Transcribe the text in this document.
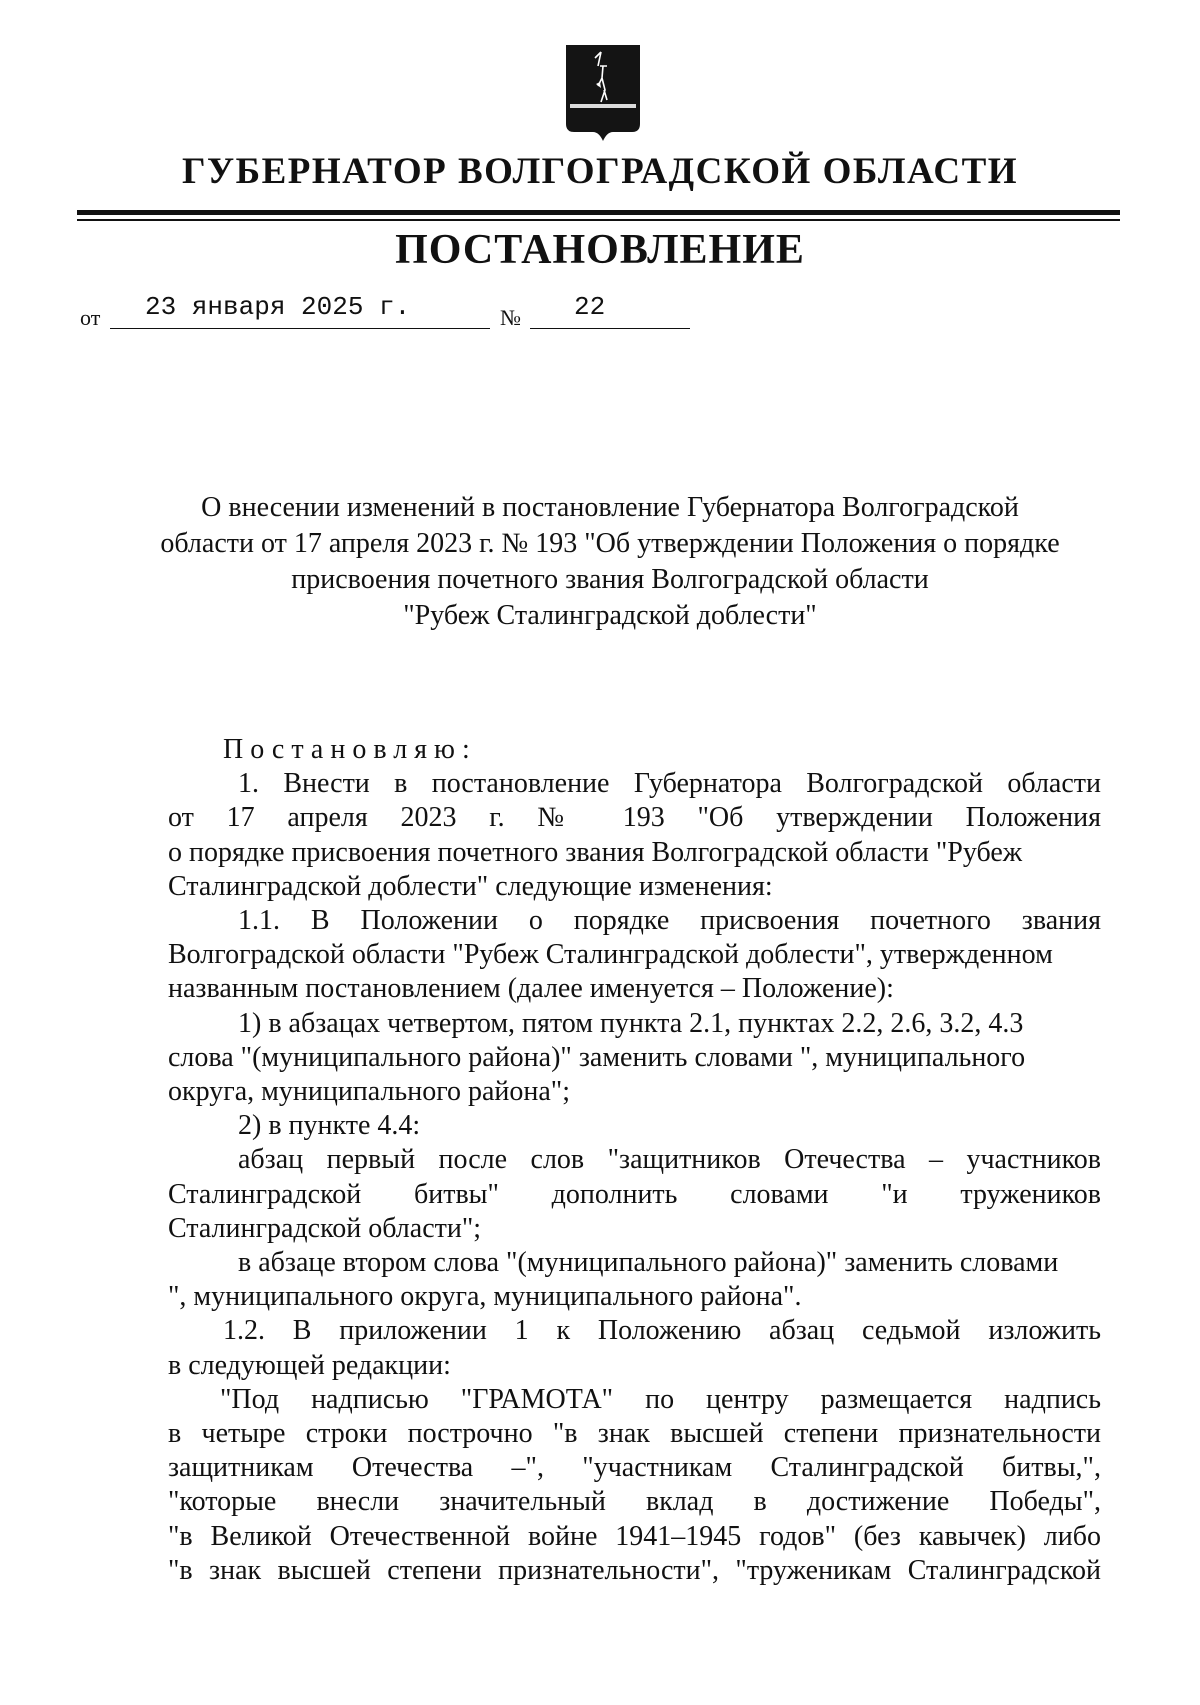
ГУБЕРНАТОР ВОЛГОГРАДСКОЙ ОБЛАСТИ
ПОСТАНОВЛЕНИЕ
от 23 января 2025 г.	№ 22
О внесении изменений в постановление Губернатора Волгоградской
области от 17 апреля 2023 г. № 193 "Об утверждении Положения о порядке
присвоения почетного звания Волгоградской области
"Рубеж Сталинградской доблести"
Постановляю:
1. Внести в постановление Губернатора Волгоградской области
от 17 апреля 2023 г. № 193 "Об утверждении Положения
о порядке присвоения почетного звания Волгоградской области "Рубеж
Сталинградской доблести" следующие изменения:
1.1. В Положении о порядке присвоения почетного звания
Волгоградской области "Рубеж Сталинградской доблести", утвержденном
названным постановлением (далее именуется – Положение):
1) в абзацах четвертом, пятом пункта 2.1, пунктах 2.2, 2.6, 3.2, 4.3
слова "(муниципального района)" заменить словами ", муниципального
округа, муниципального района";
2) в пункте 4.4:
абзац первый после слов "защитников Отечества – участников
Сталинградской битвы" дополнить словами "и тружеников
Сталинградской области";
в абзаце втором слова "(муниципального района)" заменить словами
", муниципального округа, муниципального района".
1.2. В приложении 1 к Положению абзац седьмой изложить
в следующей редакции:
"Под надписью "ГРАМОТА" по центру размещается надпись
в четыре строки построчно "в знак высшей степени признательности
защитникам Отечества –", "участникам Сталинградской битвы,",
"которые внесли значительный вклад в достижение Победы",
"в Великой Отечественной войне 1941–1945 годов" (без кавычек) либо
"в знак высшей степени признательности", "труженикам Сталинградской
